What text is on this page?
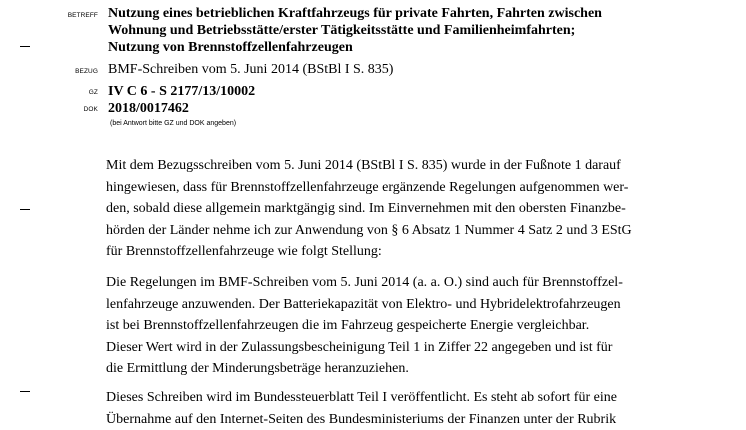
BETREFF Nutzung eines betrieblichen Kraftfahrzeugs für private Fahrten, Fahrten zwischen
Wohnung und Betriebsstätte/erster Tätigkeitsstätte und Familienheimfahrten;
Nutzung von Brennstoffzellenfahrzeugen
BEZUG BMF-Schreiben vom 5. Juni 2014 (BStBl I S. 835)
GZ IV C 6 - S 2177/13/10002
DOK 2018/0017462
(bei Antwort bitte GZ und DOK angeben)
Mit dem Bezugsschreiben vom 5. Juni 2014 (BStBl I S. 835) wurde in der Fußnote 1 darauf
hingewiesen, dass für Brennstoffzellenfahrzeuge ergänzende Regelungen aufgenommen wer-
den, sobald diese allgemein marktgängig sind. Im Einvernehmen mit den obersten Finanzbe-
hörden der Länder nehme ich zur Anwendung von § 6 Absatz 1 Nummer 4 Satz 2 und 3 EStG
für Brennstoffzellenfahrzeuge wie folgt Stellung:
Die Regelungen im BMF-Schreiben vom 5. Juni 2014 (a. a. O.) sind auch für Brennstoffzel-
lenfahrzeuge anzuwenden. Der Batteriekapazität von Elektro- und Hybridelektrofahrzeugen
ist bei Brennstoffzellenfahrzeugen die im Fahrzeug gespeicherte Energie vergleichbar.
Dieser Wert wird in der Zulassungsbescheinigung Teil 1 in Ziffer 22 angegeben und ist für
die Ermittlung der Minderungsbeträge heranzuziehen.
Dieses Schreiben wird im Bundessteuerblatt Teil I veröffentlicht. Es steht ab sofort für eine
Übernahme auf den Internet-Seiten des Bundesministeriums der Finanzen unter der Rubrik
